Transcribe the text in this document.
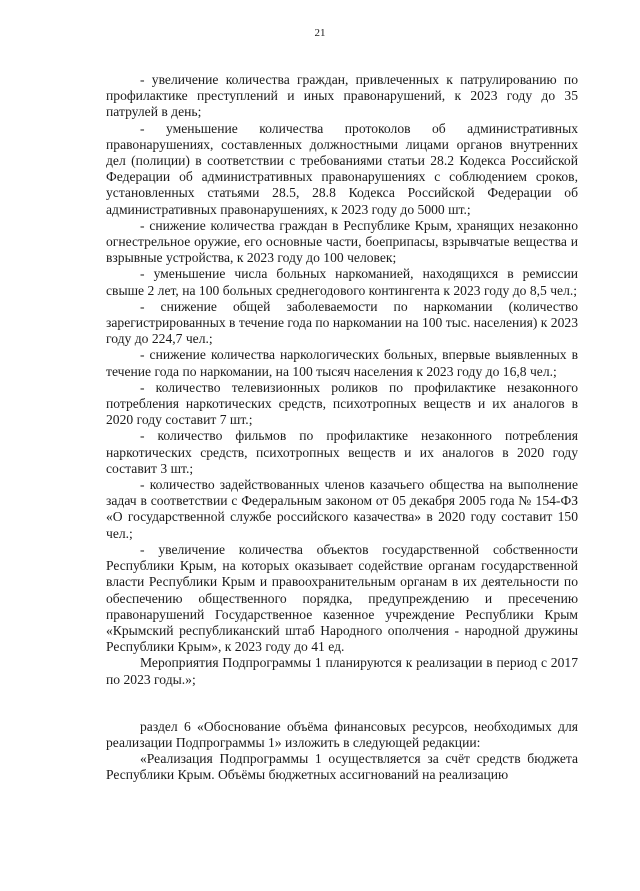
21

- увеличение количества граждан, привлеченных к патрулированию по профилактике преступлений и иных правонарушений, к 2023 году до 35 патрулей в день;

- уменьшение количества протоколов об административных правонарушениях, составленных должностными лицами органов внутренних дел (полиции) в соответствии с требованиями статьи 28.2 Кодекса Российской Федерации об административных правонарушениях с соблюдением сроков, установленных статьями 28.5, 28.8 Кодекса Российской Федерации об административных правонарушениях, к 2023 году до 5000 шт.;

- снижение количества граждан в Республике Крым, хранящих незаконно огнестрельное оружие, его основные части, боеприпасы, взрывчатые вещества и взрывные устройства, к 2023 году до 100 человек;

- уменьшение числа больных наркоманией, находящихся в ремиссии свыше 2 лет, на 100 больных среднегодового контингента к 2023 году до 8,5 чел.;

- снижение общей заболеваемости по наркомании (количество зарегистрированных в течение года по наркомании на 100 тыс. населения) к 2023 году до 224,7 чел.;

- снижение количества наркологических больных, впервые выявленных в течение года по наркомании, на 100 тысяч населения к 2023 году до 16,8 чел.;

- количество телевизионных роликов по профилактике незаконного потребления наркотических средств, психотропных веществ и их аналогов в 2020 году составит 7 шт.;

- количество фильмов по профилактике незаконного потребления наркотических средств, психотропных веществ и их аналогов в 2020 году составит 3 шт.;

- количество задействованных членов казачьего общества на выполнение задач в соответствии с Федеральным законом от 05 декабря 2005 года № 154-ФЗ «О государственной службе российского казачества» в 2020 году составит 150 чел.;

- увеличение количества объектов государственной собственности Республики Крым, на которых оказывает содействие органам государственной власти Республики Крым и правоохранительным органам в их деятельности по обеспечению общественного порядка, предупреждению и пресечению правонарушений Государственное казенное учреждение Республики Крым «Крымский республиканский штаб Народного ополчения - народной дружины Республики Крым», к 2023 году до 41 ед.

Мероприятия Подпрограммы 1 планируются к реализации в период с 2017 по 2023 годы.»;

раздел 6 «Обоснование объёма финансовых ресурсов, необходимых для реализации Подпрограммы 1» изложить в следующей редакции:

«Реализация Подпрограммы 1 осуществляется за счёт средств бюджета Республики Крым. Объёмы бюджетных ассигнований на реализацию
